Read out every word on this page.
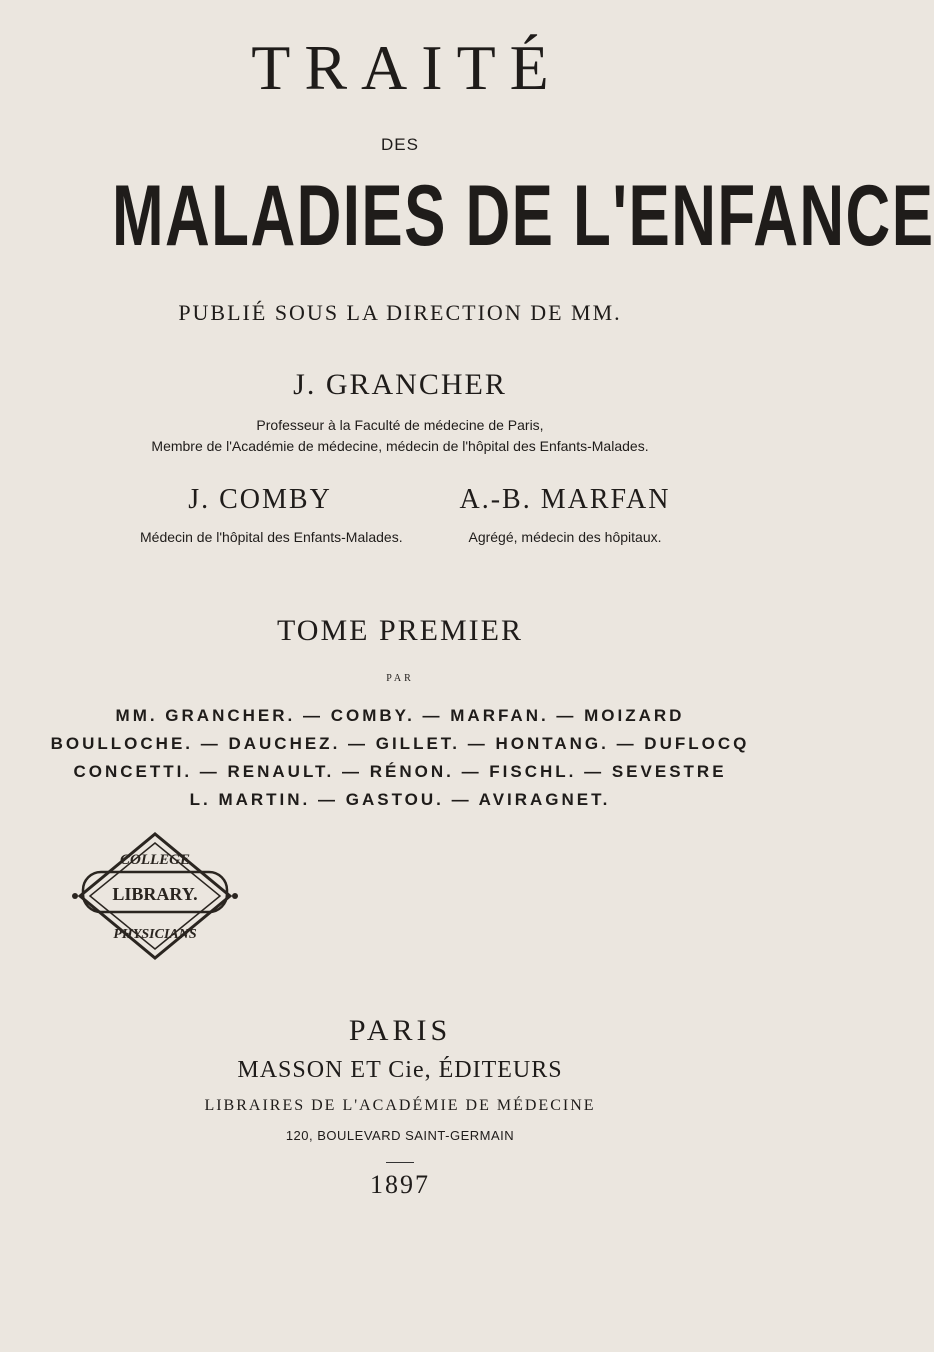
TRAITÉ
DES
MALADIES DE L'ENFANCE
PUBLIÉ SOUS LA DIRECTION DE MM.
J. GRANCHER
Professeur à la Faculté de médecine de Paris,
Membre de l'Académie de médecine, médecin de l'hôpital des Enfants-Malades.
J. COMBY
Médecin de l'hôpital des Enfants-Malades.
A.-B. MARFAN
Agrégé, médecin des hôpitaux.
TOME PREMIER
PAR
MM. GRANCHER. — COMBY. — MARFAN. — MOIZARD
BOULLOCHE. — DAUCHEZ. — GILLET. — HONTANG. — DUFLOCQ
CONCETTI. — RENAULT. — RÉNON. — FISCHL. — SEVESTRE
L. MARTIN. — GASTOU. — AVIRAGNET.
COLLEGE
LIBRARY.
PHYSICIANS
PARIS
MASSON ET Cie, ÉDITEURS
LIBRAIRES DE L'ACADÉMIE DE MÉDECINE
120, BOULEVARD SAINT-GERMAIN
1897
